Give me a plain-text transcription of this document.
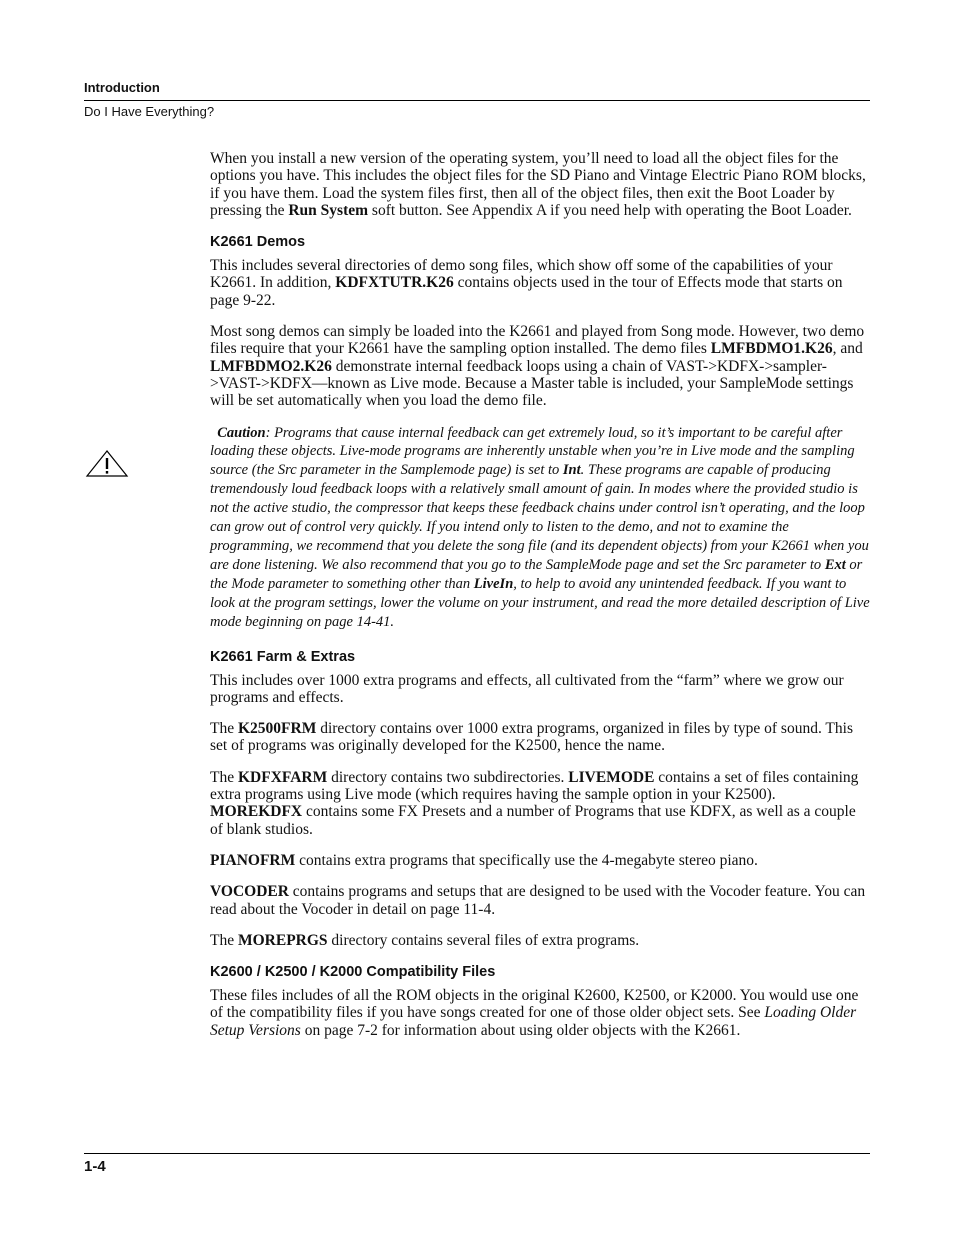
Introduction
Do I Have Everything?

When you install a new version of the operating system, you’ll need to load all the object files for the options you have. This includes the object files for the SD Piano and Vintage Electric Piano ROM blocks, if you have them. Load the system files first, then all of the object files, then exit the Boot Loader by pressing the Run System soft button. See Appendix A if you need help with operating the Boot Loader.

K2661 Demos

This includes several directories of demo song files, which show off some of the capabilities of your K2661. In addition, KDFXTUTR.K26 contains objects used in the tour of Effects mode that starts on page 9-22.

Most song demos can simply be loaded into the K2661 and played from Song mode. However, two demo files require that your K2661 have the sampling option installed. The demo files LMFBDMO1.K26, and LMFBDMO2.K26 demonstrate internal feedback loops using a chain of VAST->KDFX->sampler->VAST->KDFX—known as Live mode. Because a Master table is included, your SampleMode settings will be set automatically when you load the demo file.

Caution: Programs that cause internal feedback can get extremely loud, so it’s important to be careful after loading these objects. Live-mode programs are inherently unstable when you’re in Live mode and the sampling source (the Src parameter in the Samplemode page) is set to Int. These programs are capable of producing tremendously loud feedback loops with a relatively small amount of gain. In modes where the provided studio is not the active studio, the compressor that keeps these feedback chains under control isn’t operating, and the loop can grow out of control very quickly. If you intend only to listen to the demo, and not to examine the programming, we recommend that you delete the song file (and its dependent objects) from your K2661 when you are done listening. We also recommend that you go to the SampleMode page and set the Src parameter to Ext or the Mode parameter to something other than LiveIn, to help to avoid any unintended feedback. If you want to look at the program settings, lower the volume on your instrument, and read the more detailed description of Live mode beginning on page 14-41.

K2661 Farm & Extras

This includes over 1000 extra programs and effects, all cultivated from the “farm” where we grow our programs and effects.

The K2500FRM directory contains over 1000 extra programs, organized in files by type of sound. This set of programs was originally developed for the K2500, hence the name.

The KDFXFARM directory contains two subdirectories. LIVEMODE contains a set of files containing extra programs using Live mode (which requires having the sample option in your K2500). MOREKDFX contains some FX Presets and a number of Programs that use KDFX, as well as a couple of blank studios.

PIANOFRM contains extra programs that specifically use the 4-megabyte stereo piano.

VOCODER contains programs and setups that are designed to be used with the Vocoder feature. You can read about the Vocoder in detail on page 11-4.

The MOREPRGS directory contains several files of extra programs.

K2600 / K2500 / K2000 Compatibility Files

These files includes of all the ROM objects in the original K2600, K2500, or K2000. You would use one of the compatibility files if you have songs created for one of those older object sets. See Loading Older Setup Versions on page 7-2 for information about using older objects with the K2661.

1-4
